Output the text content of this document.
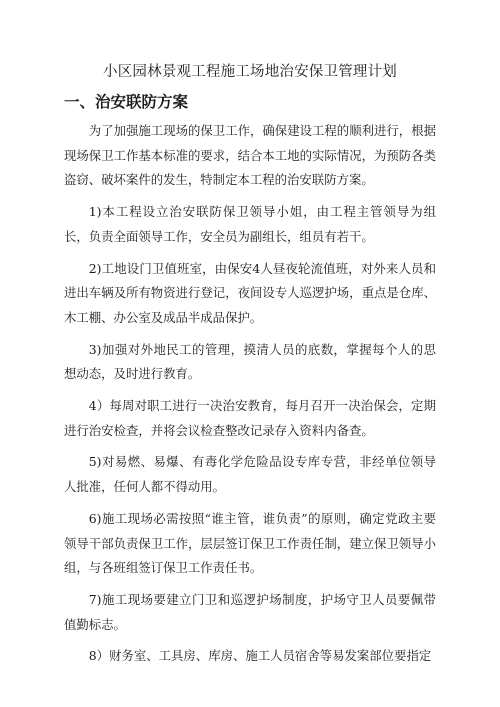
小区园林景观工程施工场地治安保卫管理计划
一、治安联防方案

为了加强施工现场的保卫工作，确保建设工程的顺利进行，根据现场保卫工作基本标准的要求，结合本工地的实际情况，为预防各类盗窃、破坏案件的发生，特制定本工程的治安联防方案。

1)本工程设立治安联防保卫领导小姐，由工程主管领导为组长，负责全面领导工作，安全员为副组长，组员有若干。

2)工地设门卫值班室，由保安4人昼夜轮流值班，对外来人员和进出车辆及所有物资进行登记，夜间设专人巡逻护场，重点是仓库、木工棚、办公室及成品半成品保护。

3)加强对外地民工的管理，摸清人员的底数，掌握每个人的思想动态，及时进行教育。

4）每周对职工进行一决治安教育，每月召开一决治保会，定期进行治安检查，并将会议检查整改记录存入资料内备查。

5)对易燃、易爆、有毒化学危险品设专库专营，非经单位领导人批准，任何人都不得动用。

6)施工现场必需按照“谁主管，谁负责”的原则，确定党政主要领导干部负责保卫工作，层层签订保卫工作责任制，建立保卫领导小组，与各班组签订保卫工作责任书。

7)施工现场要建立门卫和巡逻护场制度，护场守卫人员要佩带值勤标志。

8）财务室、工具房、库房、施工人员宿舍等易发案部位要指定
